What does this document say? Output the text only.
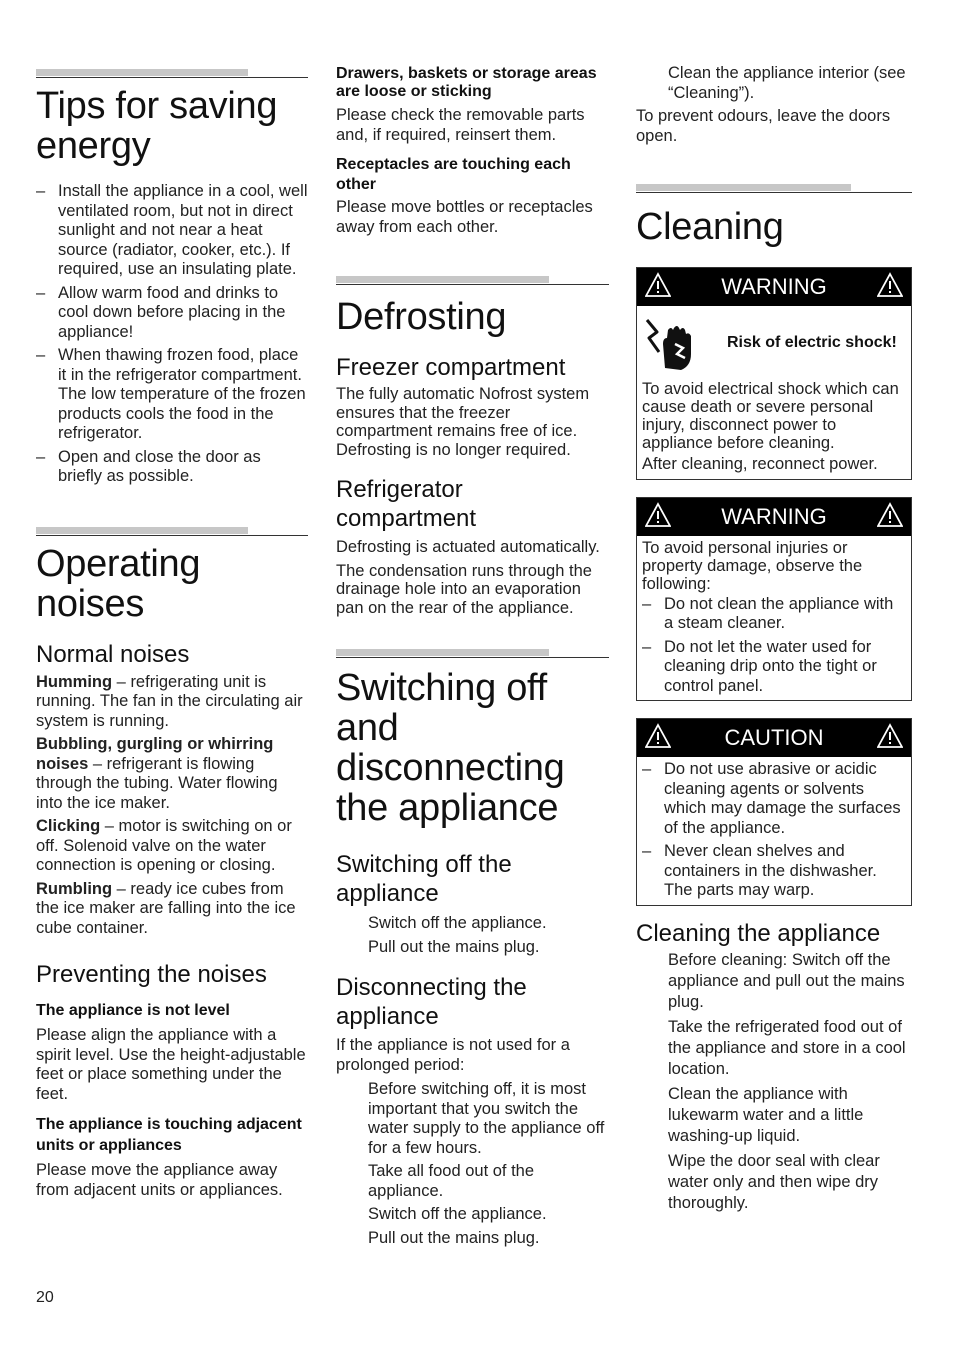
Tips for saving energy
– Install the appliance in a cool, well ventilated room, but not in direct sunlight and not near a heat source (radiator, cooker, etc.). If required, use an insulating plate.
– Allow warm food and drinks to cool down before placing in the appliance!
– When thawing frozen food, place it in the refrigerator compartment. The low temperature of the frozen products cools the food in the refrigerator.
– Open and close the door as briefly as possible.
Operating noises
Normal noises

Humming – refrigerating unit is running. The fan in the circulating air system is running.

Bubbling, gurgling or whirring noises – refrigerant is flowing through the tubing. Water flowing into the ice maker.

Clicking – motor is switching on or off. Solenoid valve on the water connection is opening or closing.

Rumbling – ready ice cubes from the ice maker are falling into the ice cube container.

Preventing the noises

The appliance is not level

Please align the appliance with a spirit level. Use the height-adjustable feet or place something under the feet.

The appliance is touching adjacent units or appliances

Please move the appliance away from adjacent units or appliances.

Drawers, baskets or storage areas are loose or sticking

Please check the removable parts and, if required, reinsert them.

Receptacles are touching each other

Please move bottles or receptacles away from each other.

Defrosting
Freezer compartment

The fully automatic Nofrost system ensures that the freezer compartment remains free of ice. Defrosting is no longer required.

Refrigerator compartment

Defrosting is actuated automatically.

The condensation runs through the drainage hole into an evaporation pan on the rear of the appliance.

Switching off and disconnecting the appliance
Switching off the appliance

Switch off the appliance.

Pull out the mains plug.

Disconnecting the appliance

If the appliance is not used for a prolonged period:

Before switching off, it is most important that you switch the water supply to the appliance off for a few hours.

Take all food out of the appliance.

Switch off the appliance.

Pull out the mains plug.

Clean the appliance interior (see “Cleaning”).

To prevent odours, leave the doors open.

Cleaning
WARNING
Risk of electric shock!

To avoid electrical shock which can cause death or severe personal injury, disconnect power to appliance before cleaning.

After cleaning, reconnect power.

WARNING

To avoid personal injuries or property damage, observe the following:

– Do not clean the appliance with a steam cleaner.
– Do not let the water used for cleaning drip onto the tight or control panel.
CAUTION
– Do not use abrasive or acidic cleaning agents or solvents which may damage the surfaces of the appliance.
– Never clean shelves and containers in the dishwasher. The parts may warp.
Cleaning the appliance

Before cleaning: Switch off the appliance and pull out the mains plug.

Take the refrigerated food out of the appliance and store in a cool location.

Clean the appliance with lukewarm water and a little washing-up liquid.

Wipe the door seal with clear water only and then wipe dry thoroughly.

20
